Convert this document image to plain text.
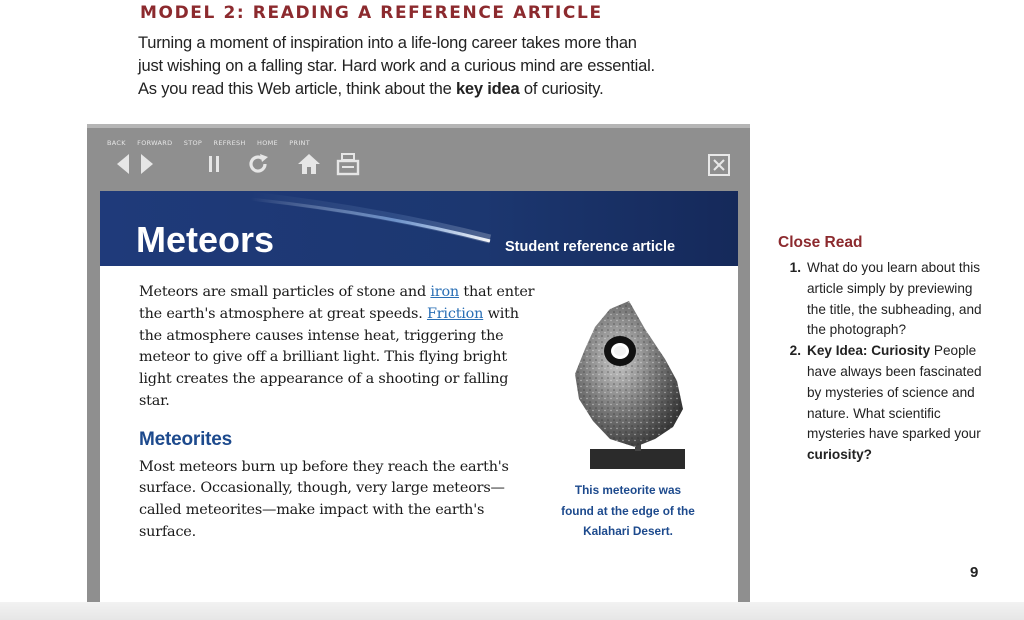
MODEL 2: READING A REFERENCE ARTICLE

Turning a moment of inspiration into a life-long career takes more than

just wishing on a falling star. Hard work and a curious mind are essential.

As you read this Web article, think about the key idea of curiosity.

BACK FORWARD STOP REFRESH HOME PRINT
Meteors	Student reference article

Meteors are small particles of stone and iron that enter the earth's atmosphere at great speeds. Friction with the atmosphere causes intense heat, triggering the meteor to give off a brilliant light. This flying bright light creates the appearance of a shooting or falling star.

Meteorites

Most meteors burn up before they reach the earth's surface. Occasionally, though, very large meteors—called meteorites—make impact with the earth's surface.

This meteorite was found at the edge of the Kalahari Desert.
Close Read
1. What do you learn about this article simply by previewing the title, the subheading, and the photograph?
2. Key Idea: Curiosity People have always been fascinated by mysteries of science and nature. What scientific mysteries have sparked your curiosity?
9
